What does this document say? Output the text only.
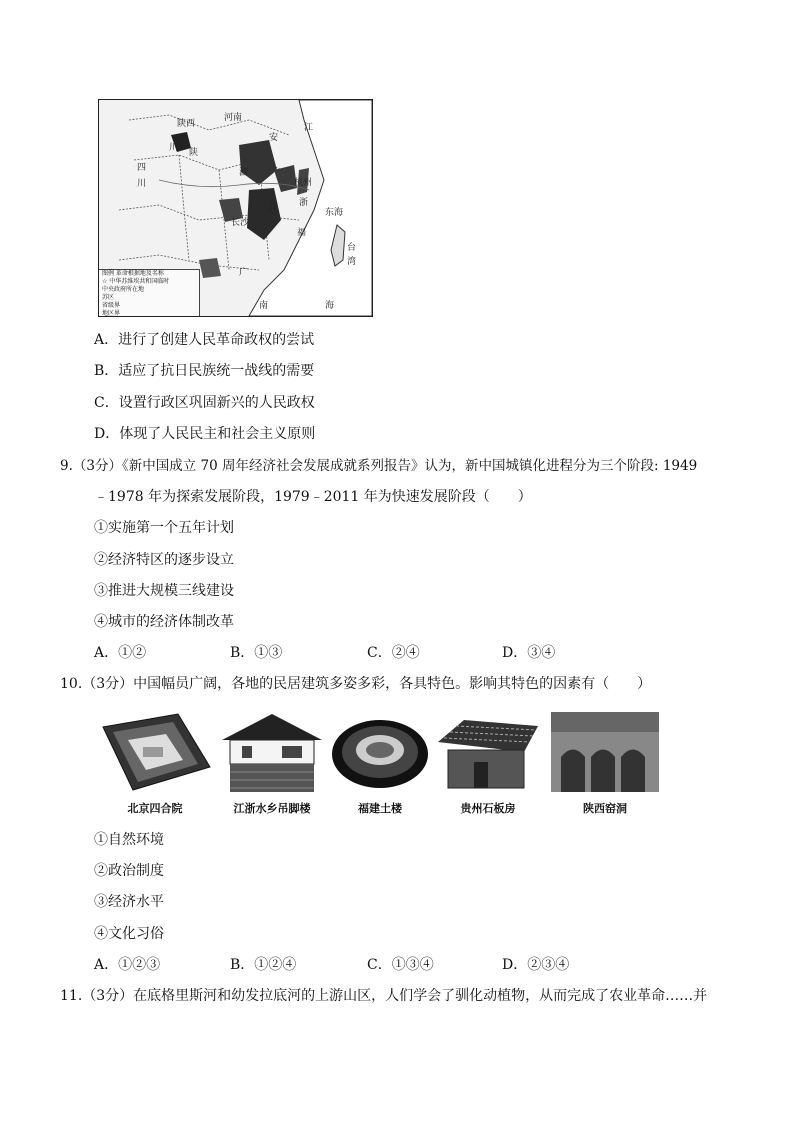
陕西
河南
安
江
四
川
川 陕
湖
长沙
杭州
浙
福
江	东海
台
湾
广
南	海
图例 革命根据地及名称
☆ 中华苏维埃共和国临时
中央政府所在地
苏区
省级界
地区界
A．进行了创建人民革命政权的尝试
B．适应了抗日民族统一战线的需要
C．设置行政区巩固新兴的人民政权
D．体现了人民民主和社会主义原则
9.（3分）《新中国成立 70 周年经济社会发展成就系列报告》认为，新中国城镇化进程分为三个阶段: 1949
﹣1978 年为探索发展阶段，1979﹣2011 年为快速发展阶段（　　）
①实施第一个五年计划
②经济特区的逐步设立
③推进大规模三线建设
④城市的经济体制改革
A．①②	B．①③	C．②④	D．③④
10.（3分）中国幅员广阔，各地的民居建筑多姿多彩，各具特色。影响其特色的因素有（　　）
北京四合院	江浙水乡吊脚楼	福建土楼	贵州石板房	陕西窑洞
①自然环境
②政治制度
③经济水平
④文化习俗
A．①②③	B．①②④	C．①③④	D．②③④
11.（3分）在底格里斯河和幼发拉底河的上游山区，人们学会了驯化动植物，从而完成了农业革命……并
